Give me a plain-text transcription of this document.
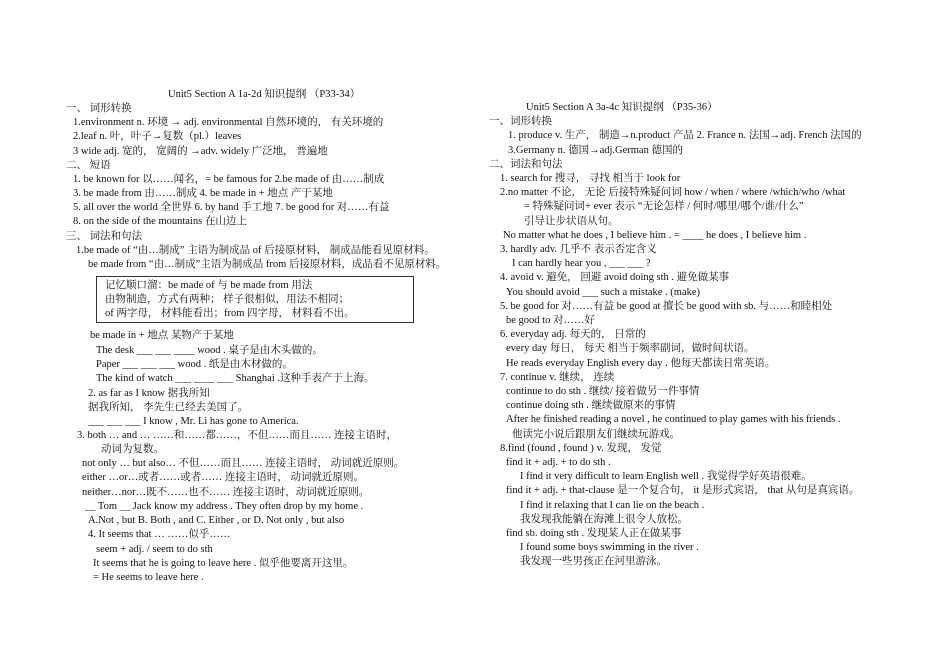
Unit5 Section A 1a-2d 知识提纲 （P33-34）
一、 词形转换
1.environment n. 环境 → adj. environmental 自然环境的， 有关环境的
2.leaf n. 叶，叶子→复数（pl.）leaves
3 wide adj. 宽的， 宽阔的 →adv. widely 广泛地， 普遍地
二、 短语
1. be known for 以……闻名，= be famous for 2.be made of 由……制成
3. be made from 由……制成 4. be made in + 地点 产于某地
5. all over the world 全世界 6. by hand 手工地 7. be good for 对……有益
8. on the side of the mountains 在山边上
三、 词法和句法
1.be made of “由…制成” 主语为制成品 of 后接原材料， 制成品能看见原材料。
be made from “由…制成”主语为制成品 from 后接原材料，成品看不见原材料。
记忆顺口溜：be made of 与 be made from 用法
由物制造，方式有两种； 样子很相似，用法不相同；
of 两字母， 材料能看出；from 四字母， 材料看不出。
be made in + 地点 某物产于某地
The desk ___ ___ ____ wood . 桌子是由木头做的。
Paper ___ ___ ___ wood . 纸是由木材做的。
The kind of watch ___ ____ ___ Shanghai .这种手表产于上海。
2. as far as I know 据我所知
据我所知， 李先生已经去美国了。
___ ___ ___ I know , Mr. Li has gone to America.
3. both … and … ……和……都……，不但……而且…… 连接主语时，
动词为复数。
not only … but also… 不但……而且…… 连接主语时， 动词就近原则。
either …or…或者……或者…… 连接主语时， 动词就近原则。
neither…nor…既不……也不…… 连接主语时，动词就近原则。
__ Tom __ Jack know my address . They often drop by my home .
A.Not , but B. Both , and C. Either , or D. Not only , but also
4. It seems that … ……似乎……
seem + adj. / seem to do sth
It seems that he is going to leave here . 似乎他要离开这里。
= He seems to leave here .
Unit5 Section A 3a-4c 知识提纲 （P35-36）
一、词形转换
1. produce v. 生产， 制造→n.product 产品 2. France n. 法国→adj. French 法国的
3.Germany n. 德国→adj.German 德国的
二、词法和句法
1. search for 搜寻， 寻找 相当于 look for
2.no matter 不论， 无论 后接特殊疑问词 how / when / where /which/who /what
= 特殊疑问词+ ever 表示 “无论怎样 / 何时/哪里/哪个/谁/什么”
引导让步状语从句。
No matter what he does , I believe him . = ____ he does , I believe him .
3. hardly adv. 几乎不 表示否定含义
I can hardly hear you , ___ ___ ?
4. avoid v. 避免， 回避 avoid doing sth . 避免做某事
You should avoid ___ such a mistake . (make)
5. be good for 对……有益 be good at 擅长 be good with sb. 与……和睦相处
be good to 对……好
6. everyday adj. 每天的， 日常的
every day 每日， 每天 相当于频率副词，做时间状语。
He reads everyday English every day . 他每天都读日常英语。
7. continue v. 继续， 连续
continue to do sth . 继续/ 接着做另一件事情
continue doing sth . 继续做原来的事情
After he finished reading a novel , he continued to play games with his friends .
他读完小说后跟朋友们继续玩游戏。
8.find (found , found ) v. 发现， 发觉
find it + adj. + to do sth .
I find it very difficult to learn English well . 我觉得学好英语很难。
find it + adj. + that-clause 是一个复合句， it 是形式宾语， that 从句是真宾语。
I find it relaxing that I can lie on the beach .
我发现我能躺在海滩上很令人放松。
find sb. doing sth . 发现某人正在做某事
I found some boys swimming in the river .
我发现一些男孩正在河里游泳。
